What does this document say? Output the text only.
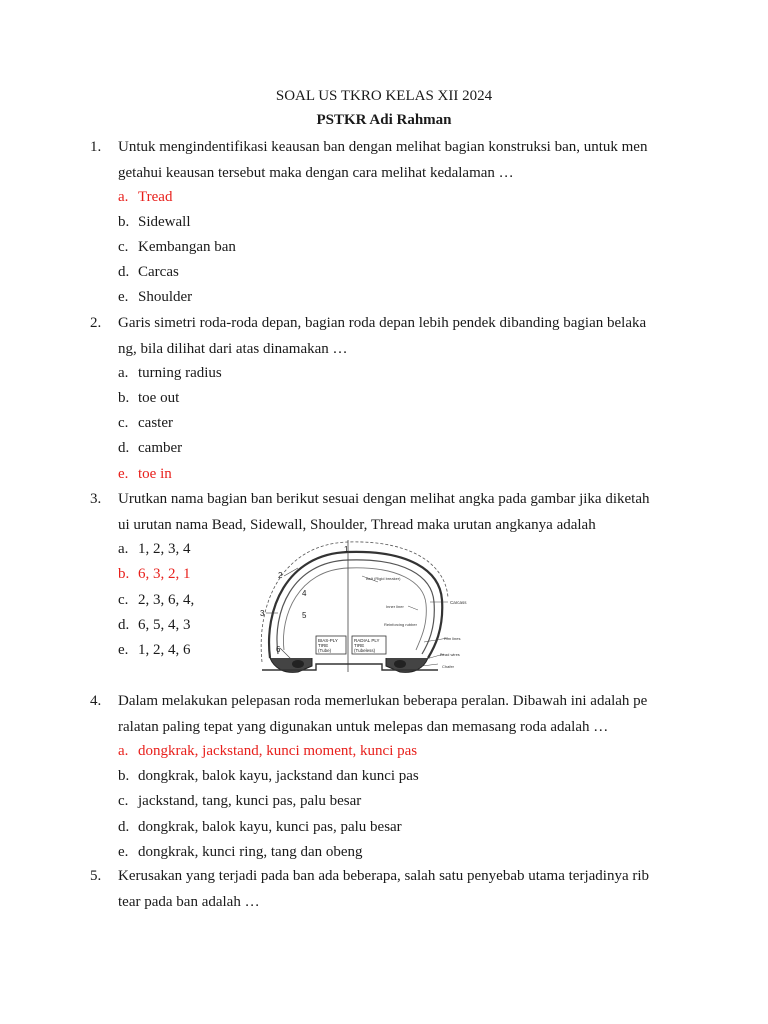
SOAL US TKRO KELAS XII 2024
PSTKR Adi Rahman
1. Untuk mengindentifikasi keausan ban dengan melihat bagian konstruksi ban, untuk men
getahui keausan tersebut maka dengan cara melihat kedalaman …
a. Tread
b. Sidewall
c. Kembangan ban
d. Carcas
e. Shoulder
2. Garis simetri roda-roda depan, bagian roda depan lebih pendek dibanding bagian belaka
ng, bila dilihat dari atas dinamakan …
a. turning radius
b. toe out
c. caster
d. camber
e. toe in
3. Urutkan nama bagian ban berikut sesuai dengan melihat angka pada gambar jika diketah
ui urutan nama Bead, Sidewall, Shoulder, Thread maka urutan angkanya adalah
a. 1, 2, 3, 4
b. 6, 3, 2, 1
c. 2, 3, 6, 4,
d. 6, 5, 4, 3
e. 1, 2, 4, 6
BIAS-PLY
TIRE
(Tube)
RADIAL PLY
TIRE
(Tubeless)
1
2
3
4
5
6
Belt (Rigid breaker)
Carcass
Inner liner
Reinforcing rubber
Rim lines
Bead wires
Chafer
4. Dalam melakukan pelepasan roda memerlukan beberapa peralan. Dibawah ini adalah pe
ralatan paling tepat yang digunakan untuk melepas dan memasang roda adalah …
a. dongkrak, jackstand, kunci moment, kunci pas
b. dongkrak, balok kayu, jackstand dan kunci pas
c. jackstand, tang, kunci pas, palu besar
d. dongkrak, balok kayu, kunci pas, palu besar
e. dongkrak, kunci ring, tang dan obeng
5. Kerusakan yang terjadi pada ban ada beberapa, salah satu penyebab utama terjadinya rib
tear pada ban adalah …
